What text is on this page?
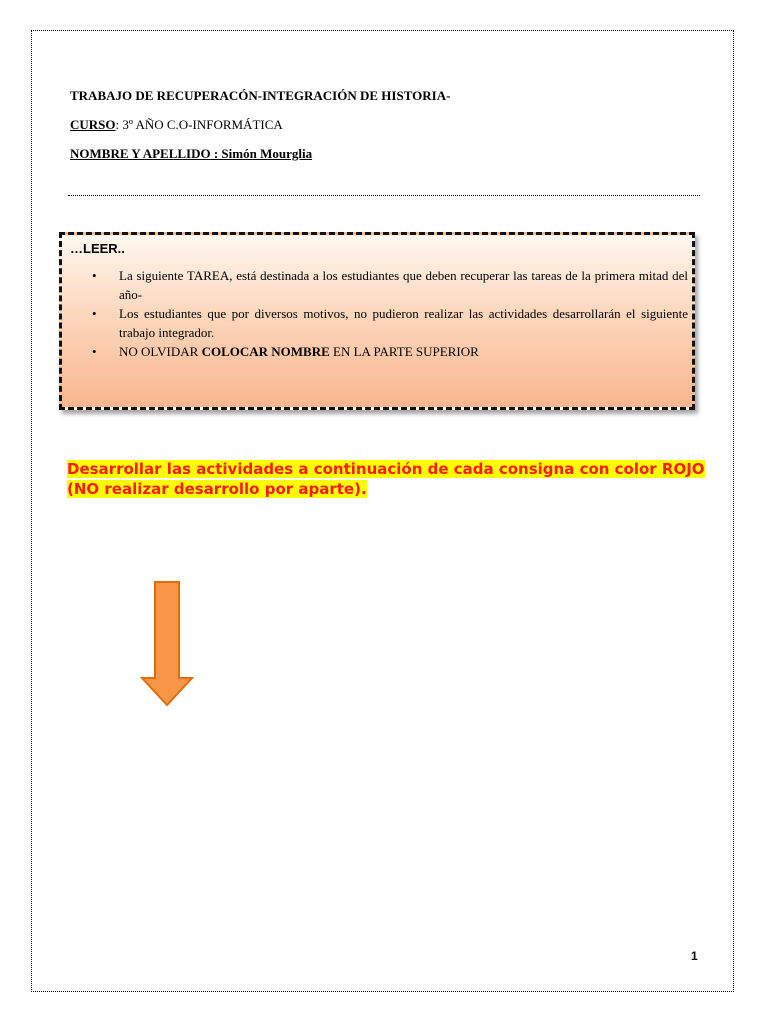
TRABAJO DE RECUPERACÓN-INTEGRACIÓN DE HISTORIA-
CURSO: 3º AÑO C.O-INFORMÁTICA
NOMBRE Y APELLIDO : Simón Mourglia
…LEER..
• La siguiente TAREA, está destinada a los estudiantes que deben recuperar las tareas de la primera mitad del año-
• Los estudiantes que por diversos motivos, no pudieron realizar las actividades desarrollarán el siguiente trabajo integrador.
• NO OLVIDAR COLOCAR NOMBRE EN LA PARTE SUPERIOR
Desarrollar las actividades a continuación de cada consigna con color ROJO
(NO realizar desarrollo por aparte).
1
